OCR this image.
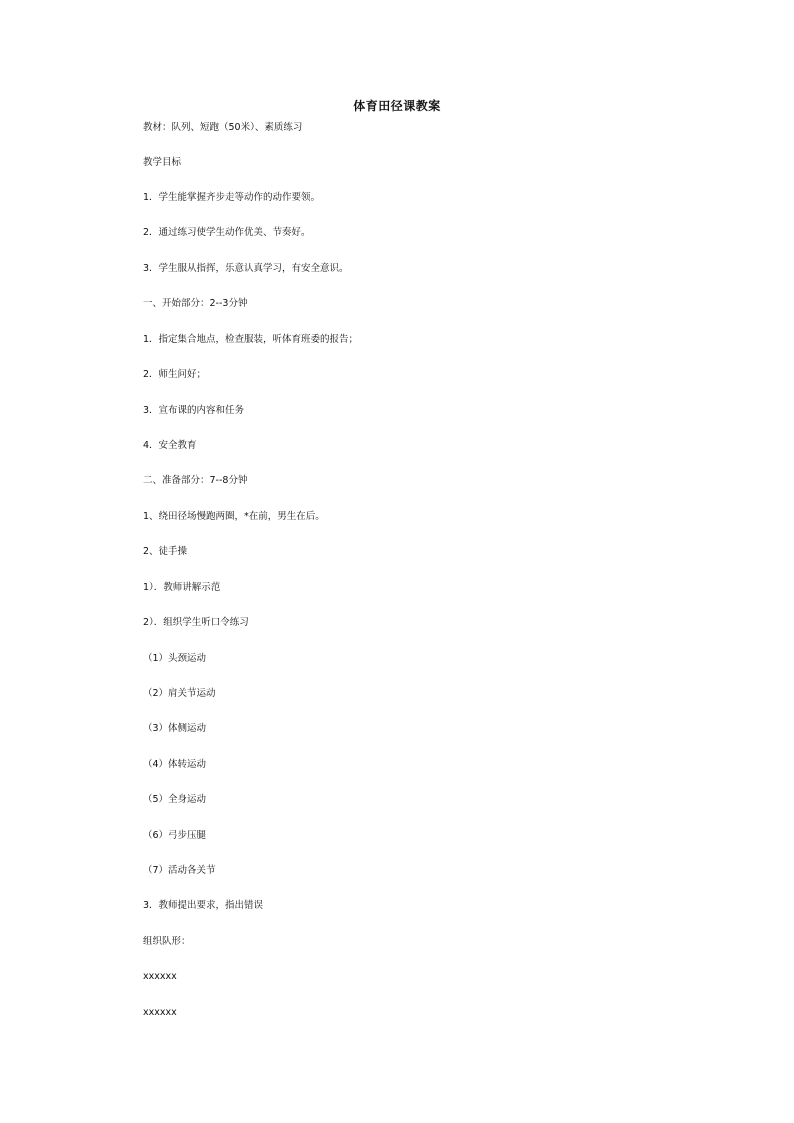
体育田径课教案
教材：队列、短跑（50米）、素质练习
教学目标
1．学生能掌握齐步走等动作的动作要领。
2．通过练习使学生动作优美、节奏好。
3．学生服从指挥，乐意认真学习，有安全意识。
一、开始部分：2--3分钟
1．指定集合地点，检查服装，听体育班委的报告；
2．师生问好；
3．宣布课的内容和任务
4．安全教育
二、准备部分：7--8分钟
1、绕田径场慢跑两圈，*在前，男生在后。
2、徒手操
1）．教师讲解示范
2）．组织学生听口令练习
（1）头颈运动
（2）肩关节运动
（3）体侧运动
（4）体转运动
（5）全身运动
（6）弓步压腿
（7）活动各关节
3．教师提出要求，指出错误
组织队形：
xxxxxx
xxxxxx
